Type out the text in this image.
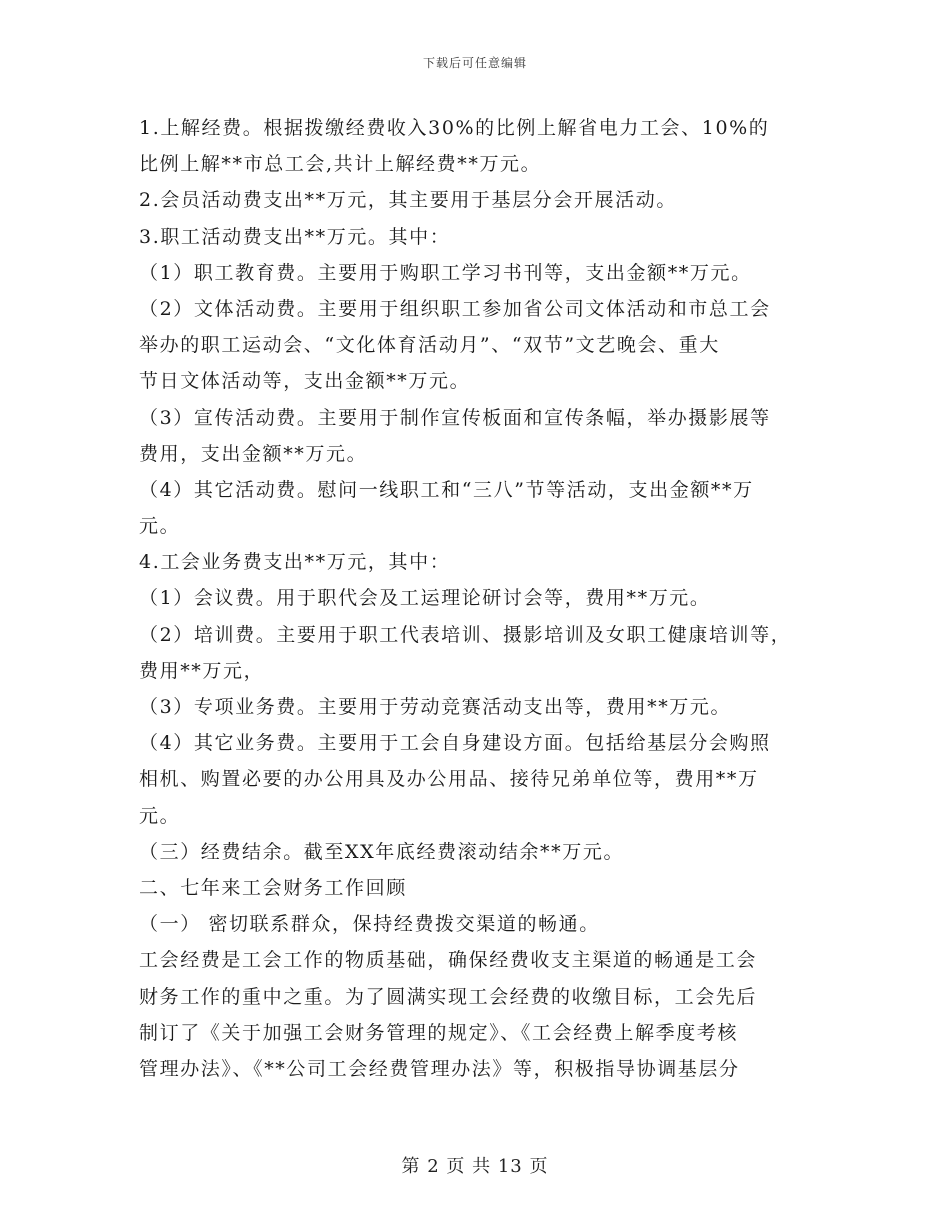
下载后可任意编辑
1.上解经费。根据拨缴经费收入30%的比例上解省电力工会、10%的
比例上解**市总工会,共计上解经费**万元。
2.会员活动费支出**万元，其主要用于基层分会开展活动。
3.职工活动费支出**万元。其中：
（1）职工教育费。主要用于购职工学习书刊等，支出金额**万元。
（2）文体活动费。主要用于组织职工参加省公司文体活动和市总工会
举办的职工运动会、“文化体育活动月”、“双节”文艺晚会、重大
节日文体活动等，支出金额**万元。
（3）宣传活动费。主要用于制作宣传板面和宣传条幅，举办摄影展等
费用，支出金额**万元。
（4）其它活动费。慰问一线职工和“三八”节等活动，支出金额**万
元。
4.工会业务费支出**万元，其中：
（1）会议费。用于职代会及工运理论研讨会等，费用**万元。
（2）培训费。主要用于职工代表培训、摄影培训及女职工健康培训等，
费用**万元，
（3）专项业务费。主要用于劳动竞赛活动支出等，费用**万元。
（4）其它业务费。主要用于工会自身建设方面。包括给基层分会购照
相机、购置必要的办公用具及办公用品、接待兄弟单位等，费用**万
元。
（三）经费结余。截至XX年底经费滚动结余**万元。
二、七年来工会财务工作回顾
（一） 密切联系群众，保持经费拨交渠道的畅通。
工会经费是工会工作的物质基础，确保经费收支主渠道的畅通是工会
财务工作的重中之重。为了圆满实现工会经费的收缴目标，工会先后
制订了《关于加强工会财务管理的规定》、《工会经费上解季度考核
管理办法》、《**公司工会经费管理办法》等，积极指导协调基层分
第 2 页 共 13 页
